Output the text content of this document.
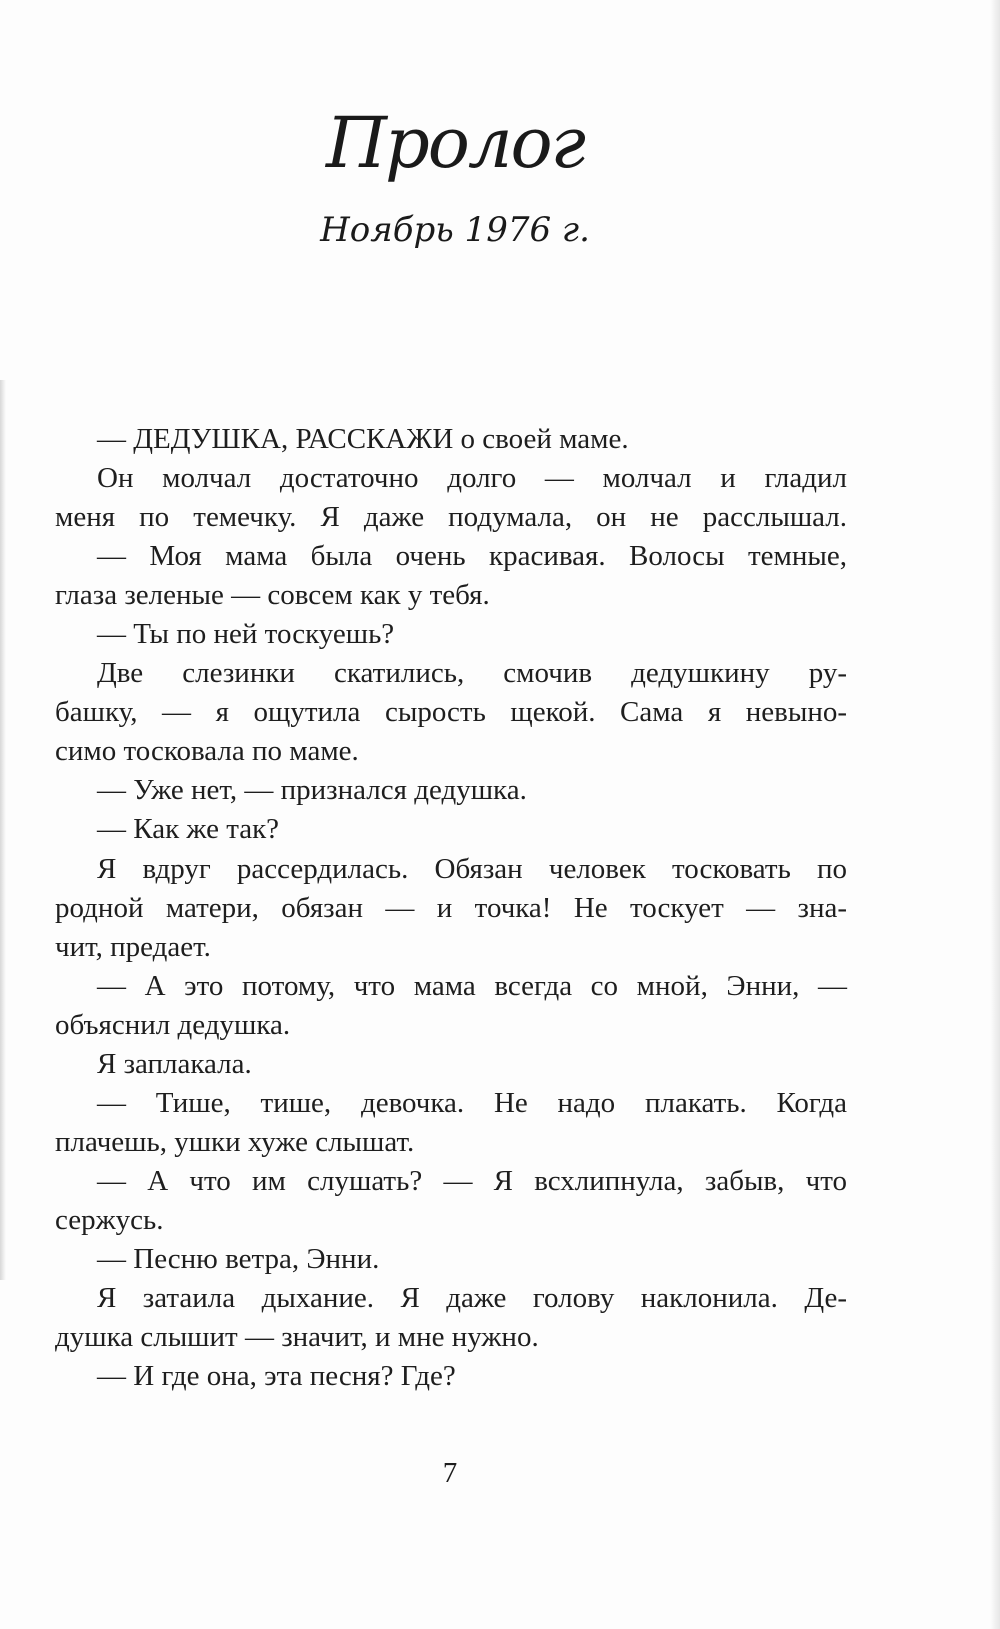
Пролог
Ноябрь 1976 г.
— ДЕДУШКА, РАССКАЖИ о своей маме.
Он молчал достаточно долго — молчал и гладил
меня по темечку. Я даже подумала, он не расслышал.
— Моя мама была очень красивая. Волосы темные,
глаза зеленые — совсем как у тебя.
— Ты по ней тоскуешь?
Две слезинки скатились, смочив дедушкину ру-
башку, — я ощутила сырость щекой. Сама я невыно-
симо тосковала по маме.
— Уже нет, — признался дедушка.
— Как же так?
Я вдруг рассердилась. Обязан человек тосковать по
родной матери, обязан — и точка! Не тоскует — зна-
чит, предает.
— А это потому, что мама всегда со мной, Энни, —
объяснил дедушка.
Я заплакала.
— Тише, тише, девочка. Не надо плакать. Когда
плачешь, ушки хуже слышат.
— А что им слушать? — Я всхлипнула, забыв, что
сержусь.
— Песню ветра, Энни.
Я затаила дыхание. Я даже голову наклонила. Де-
душка слышит — значит, и мне нужно.
— И где она, эта песня? Где?
7
